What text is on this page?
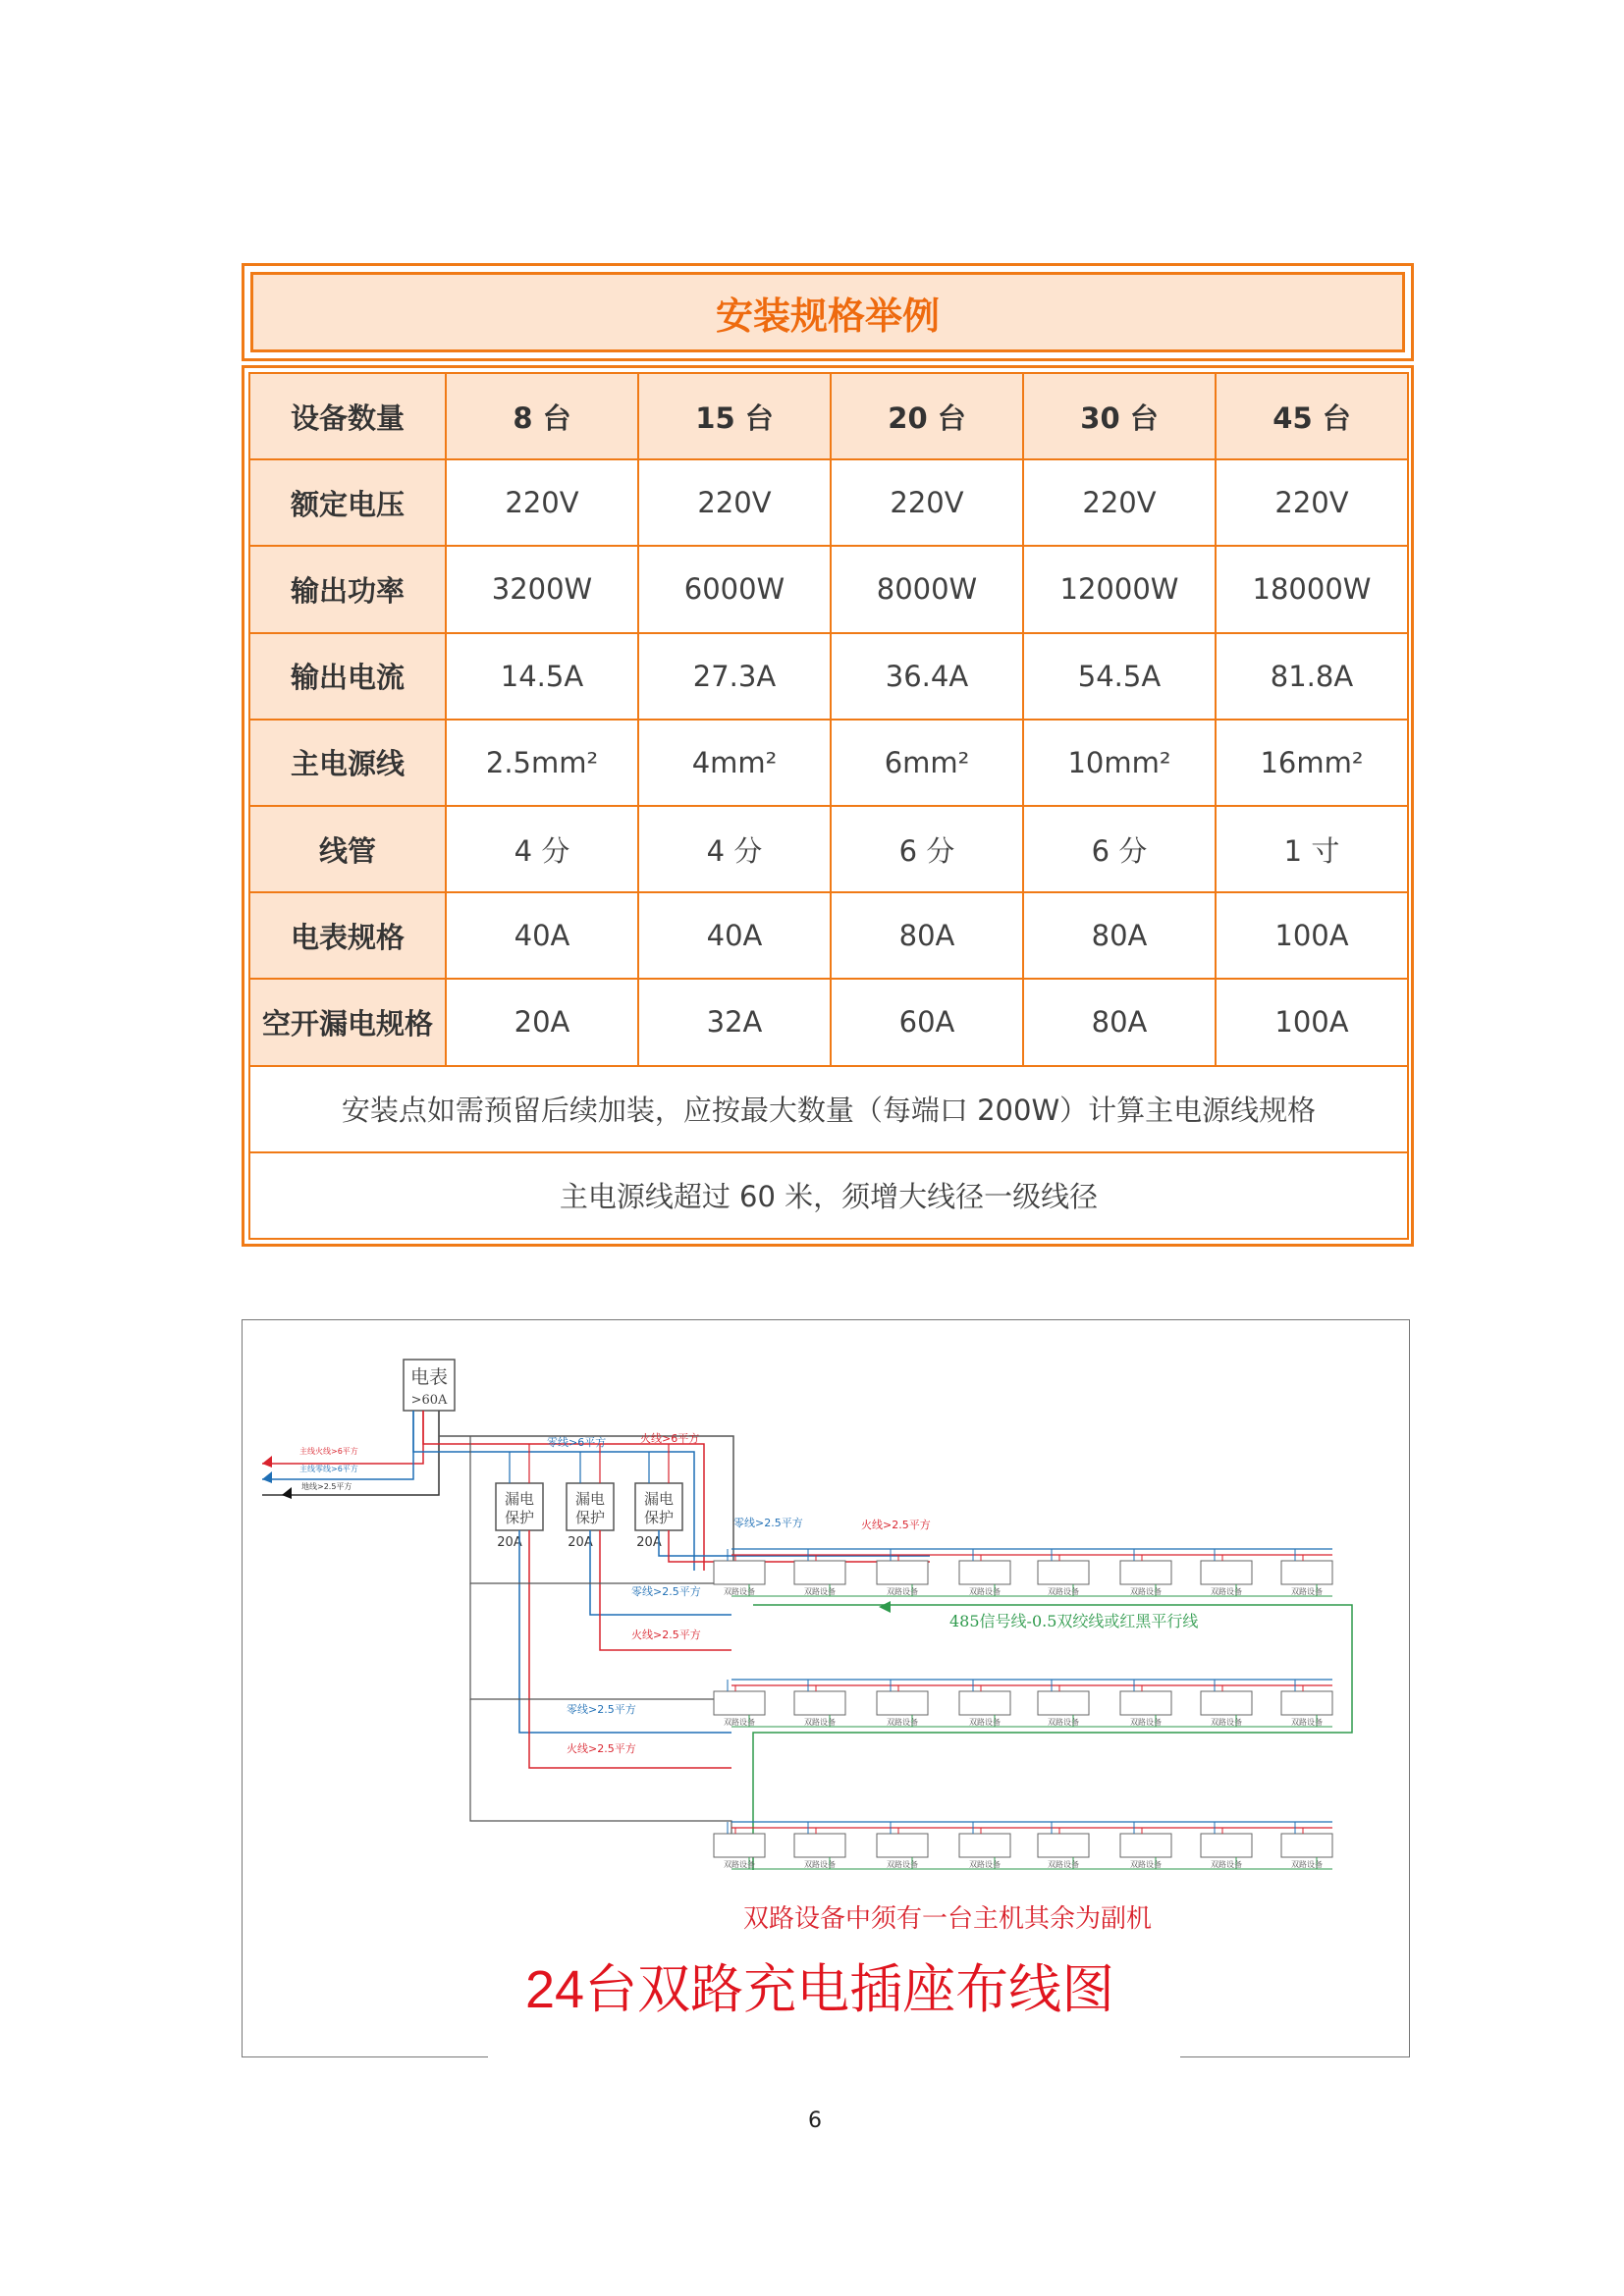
安装规格举例
设备数量	8 台	15 台	20 台	30 台	45 台
额定电压	220V	220V	220V	220V	220V
输出功率	3200W	6000W	8000W	12000W	18000W
输出电流	14.5A	27.3A	36.4A	54.5A	81.8A
主电源线	2.5mm²	4mm²	6mm²	10mm²	16mm²
线管	4 分	4 分	6 分	6 分	1 寸
电表规格	40A	40A	80A	80A	100A
空开漏电规格	20A	32A	60A	80A	100A
安装点如需预留后续加装，应按最大数量（每端口 200W）计算主电源线规格					
主电源线超过 60 米，须增大线径一级线径					
电表
>60A
主线火线>6平方
主线零线>6平方
地线>2.5平方
零线>6平方	火线>6平方
漏电
保护
20A
漏电
保护
20A
漏电
保护
20A
零线>2.5平方	火线>2.5平方
零线>2.5平方
火线>2.5平方
零线>2.5平方
火线>2.5平方
485信号线-0.5双绞线或红黑平行线
双路设备	双路设备	双路设备	双路设备	双路设备	双路设备	双路设备	双路设备
双路设备	双路设备	双路设备	双路设备	双路设备	双路设备	双路设备	双路设备
双路设备	双路设备	双路设备	双路设备	双路设备	双路设备	双路设备	双路设备
双路设备中须有一台主机其余为副机
24台双路充电插座布线图
6
